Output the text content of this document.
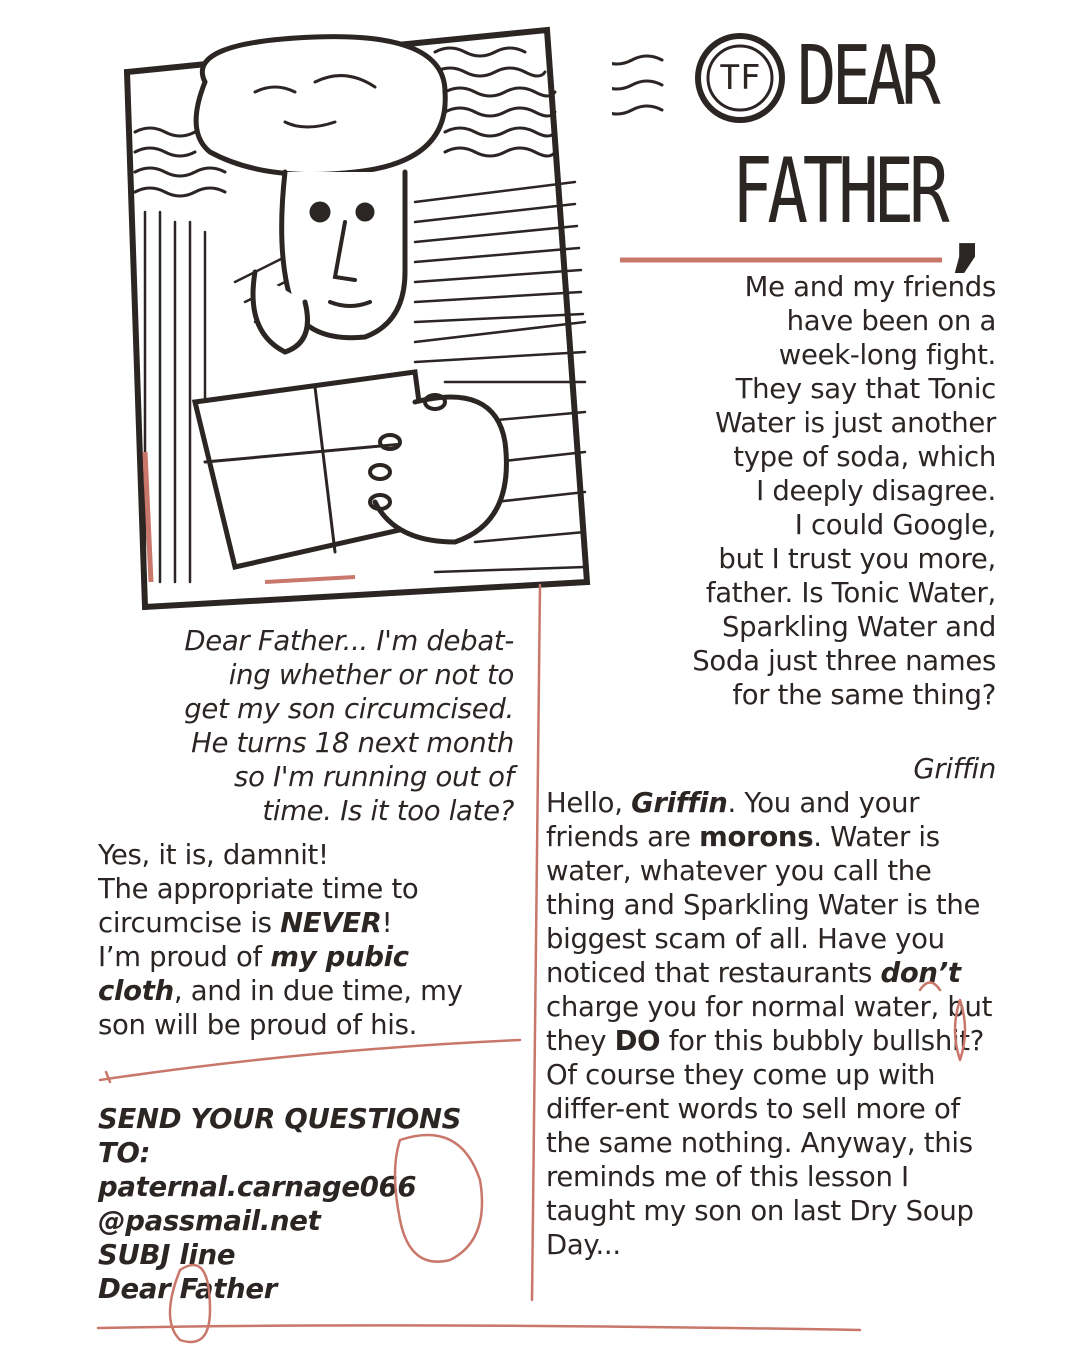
TF DEAR
FATHER ,
Me and my friends
have been on a
week-long fight.
They say that Tonic
Water is just another
type of soda, which
I deeply disagree.
I could Google,
but I trust you more,
father. Is Tonic Water,
Sparkling Water and
Soda just three names
for the same thing?
Griffin
Hello, Griffin. You and your friends are morons. Water is water, whatever you call the thing and Sparkling Water is the biggest scam of all. Have you noticed that restaurants don’t charge you for normal water, but they DO for this bubbly bullshit? Of course they come up with differ-ent words to sell more of the same nothing. Anyway, this reminds me of this lesson I taught my son on last Dry Soup Day...
Dear Father... I'm debat-
ing whether or not to
get my son circumcised.
He turns 18 next month
so I'm running out of
time. Is it too late?
Yes, it is, damnit!
The appropriate time to
circumcise is NEVER!
I’m proud of my pubic
cloth, and in due time, my
son will be proud of his.
SEND YOUR QUESTIONS
TO:
paternal.carnage066
@passmail.net
SUBJ line
Dear Father
